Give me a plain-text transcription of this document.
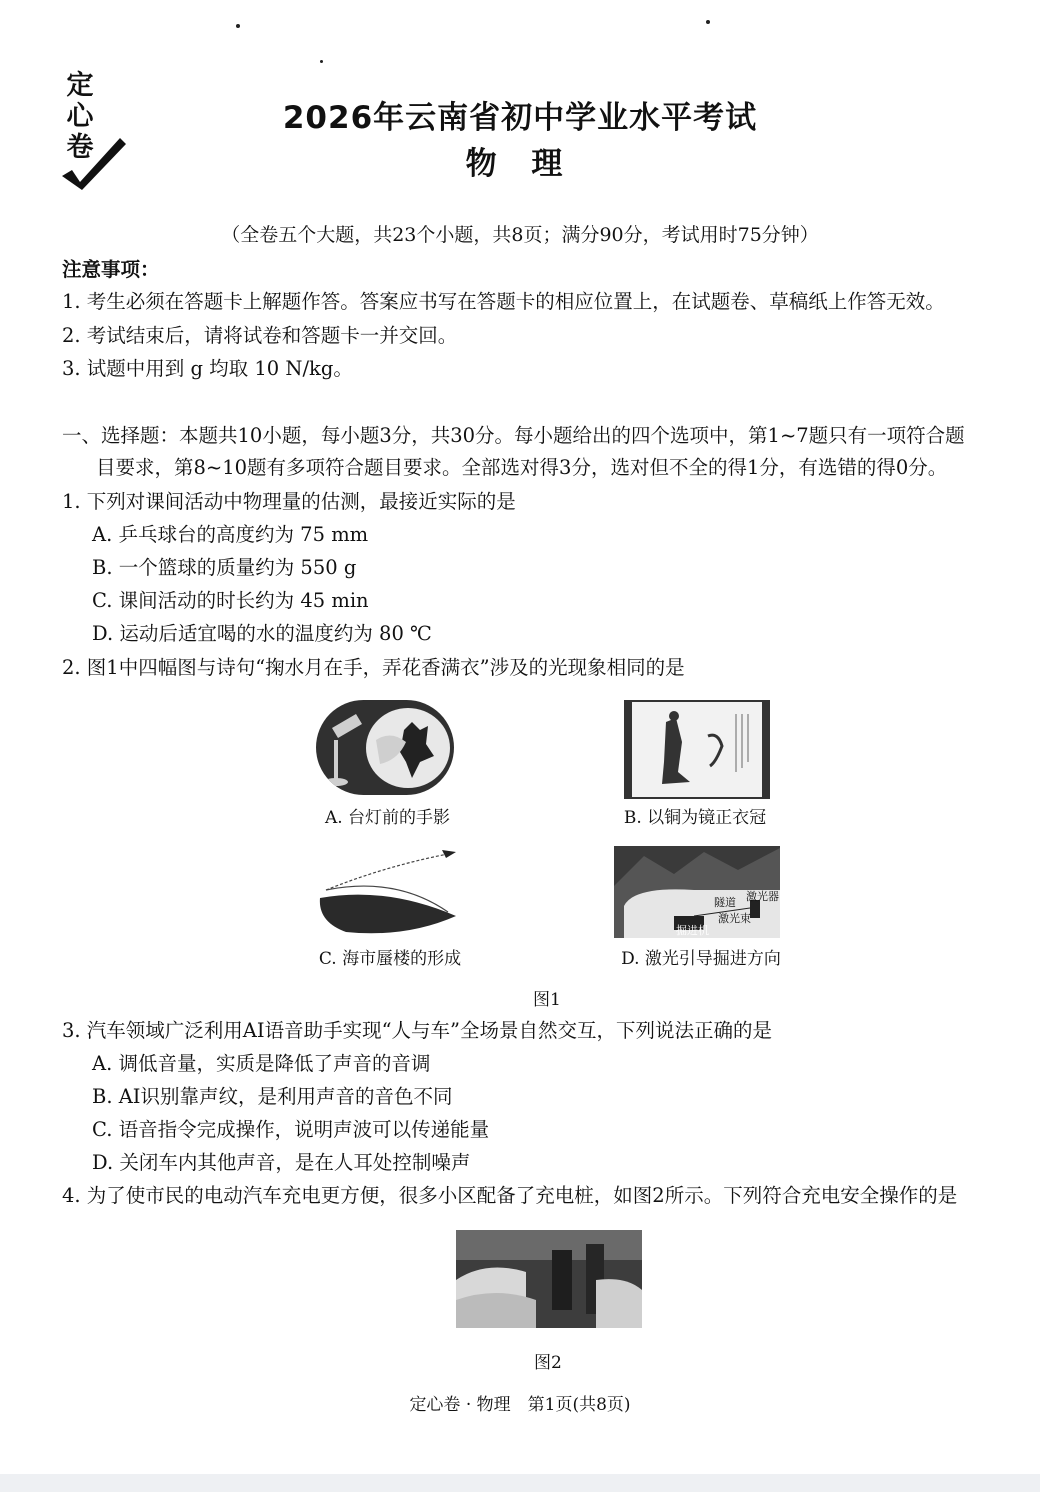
定心卷
2026年云南省初中学业水平考试
物 理
（全卷五个大题，共23个小题，共8页；满分90分，考试用时75分钟）
注意事项：
1. 考生必须在答题卡上解题作答。答案应书写在答题卡的相应位置上，在试题卷、草稿纸上作答无效。
2. 考试结束后，请将试卷和答题卡一并交回。
3. 试题中用到 g 均取 10 N/kg。
一、选择题：本题共10小题，每小题3分，共30分。每小题给出的四个选项中，第1~7题只有一项符合题
目要求，第8~10题有多项符合题目要求。全部选对得3分，选对但不全的得1分，有选错的得0分。
1. 下列对课间活动中物理量的估测，最接近实际的是
A. 乒乓球台的高度约为 75 mm
B. 一个篮球的质量约为 550 g
C. 课间活动的时长约为 45 min
D. 运动后适宜喝的水的温度约为 80 ℃
2. 图1中四幅图与诗句“掬水月在手，弄花香满衣”涉及的光现象相同的是
A. 台灯前的手影	B. 以铜为镜正衣冠
C. 海市蜃楼的形成
隧道 激光器
激光束
掘进机
D. 激光引导掘进方向
图1
3. 汽车领域广泛利用AI语音助手实现“人与车”全场景自然交互，下列说法正确的是
A. 调低音量，实质是降低了声音的音调
B. AI识别靠声纹，是利用声音的音色不同
C. 语音指令完成操作，说明声波可以传递能量
D. 关闭车内其他声音，是在人耳处控制噪声
4. 为了使市民的电动汽车充电更方便，很多小区配备了充电桩，如图2所示。下列符合充电安全操作的是
图2
定心卷 · 物理　第1页(共8页)
